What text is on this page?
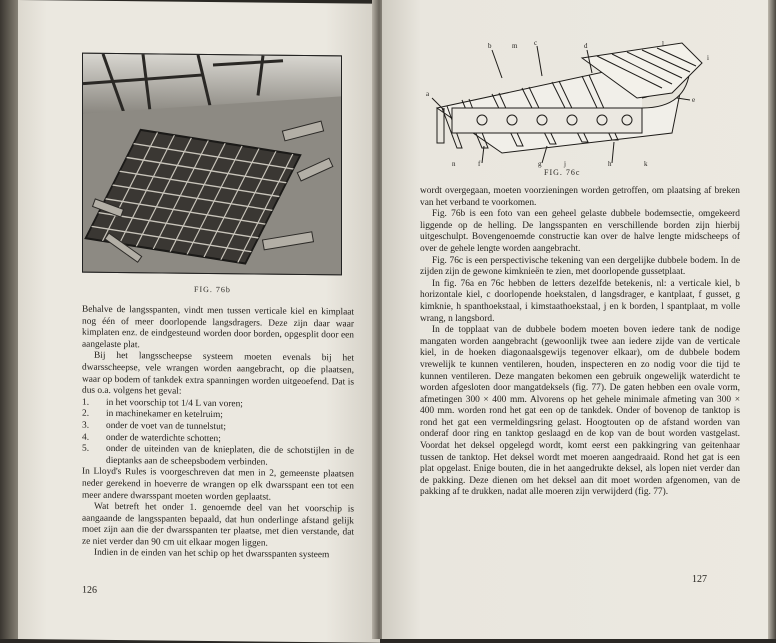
FIG. 76b

Behalve de langsspanten, vindt men tussen verticale kiel en kimplaat nog één of meer doorlopende langsdragers. Deze zijn daar waar kimplaten enz. de eindgesteund worden door borden, opgesplit door een aangelaste plat.

Bij het langsscheepse systeem moeten evenals bij het dwarsscheepse, vele wrangen worden aangebracht, op die plaatsen, waar op bodem of tankdek extra spanningen worden uitgeoefend. Dat is dus o.a. volgens het geval:

1. in het voorschip tot 1/4 L van voren;
2. in machinekamer en ketelruim;
3. onder de voet van de tunnelstut;
4. onder de waterdichte schotten;
5. onder de uiteinden van de knieplaten, die de schotstijlen in de dieptanks aan de scheepsbodem verbinden.

In Lloyd's Rules is voorgeschreven dat men in 2, gemeenste plaatsen neder gerekend in hoeverre de wrangen op elk dwarsspant een tot een meer andere dwarsspant moeten worden geplaatst.

Wat betreft het onder 1. genoemde deel van het voorschip is aangaande de langsspanten bepaald, dat hun onderlinge afstand gelijk moet zijn aan die der dwarsspanten ter plaatse, met dien verstande, dat ze niet verder dan 90 cm uit elkaar mogen liggen.

Indien in de einden van het schip op het dwarsspanten systeem

126
a
b	c	d
e
f	g	h
i
j	k
l
m
n
FIG. 76c

wordt overgegaan, moeten voorzieningen worden getroffen, om plaatsing af breken van het verband te voorkomen.

Fig. 76b is een foto van een geheel gelaste dubbele bodemsectie, omgekeerd liggende op de helling. De langsspanten en verschillende borden zijn hierbij uitgeschulpt. Bovengenoemde constructie kan over de halve lengte midscheeps of over de gehele lengte worden aangebracht.

Fig. 76c is een perspectivische tekening van een dergelijke dubbele bodem. In de zijden zijn de gewone kimknieën te zien, met doorlopende gussetplaat.

In fig. 76a en 76c hebben de letters dezelfde betekenis, nl: a verticale kiel, b horizontale kiel, c doorlopende hoekstalen, d langsdrager, e kantplaat, f gusset, g kimknie, h spanthoekstaal, i kimstaathoekstaal, j en k borden, l spantplaat, m volle wrang, n langsbord.

In de topplaat van de dubbele bodem moeten boven iedere tank de nodige mangaten worden aangebracht (gewoonlijk twee aan iedere zijde van de verticale kiel, in de hoeken diagonaalsgewijs tegenover elkaar), om de dubbele bodem vrewelijk te kunnen ventileren, houden, inspecteren en zo nodig voor die tijd te kunnen ventileren. Deze mangaten bekomen een gebruik ongewelijk waterdicht te worden afgesloten door mangatdeksels (fig. 77). De gaten hebben een ovale vorm, afmetingen 300 × 400 mm. Alvorens op het gehele minimale afmeting van 300 × 400 mm. worden rond het gat een op de tankdek. Onder of bovenop de tanktop is rond het gat een vermeldingsring gelast. Hoogtouten op de afstand worden van onderaf door ring en tanktop geslaagd en de kop van de bout worden vastgelast. Voordat het deksel opgelegd wordt, komt eerst een pakkingring van geitenhaar tussen de tanktop. Het deksel wordt met moeren aangedraaid. Rond het gat is een plat opgelast. Enige bouten, die in het aangedrukte deksel, als lopen niet verder dan de pakking. Deze dienen om het deksel aan dit moet worden afgenomen, van de pakking af te drukken, nadat alle moeren zijn verwijderd (fig. 77).

127
